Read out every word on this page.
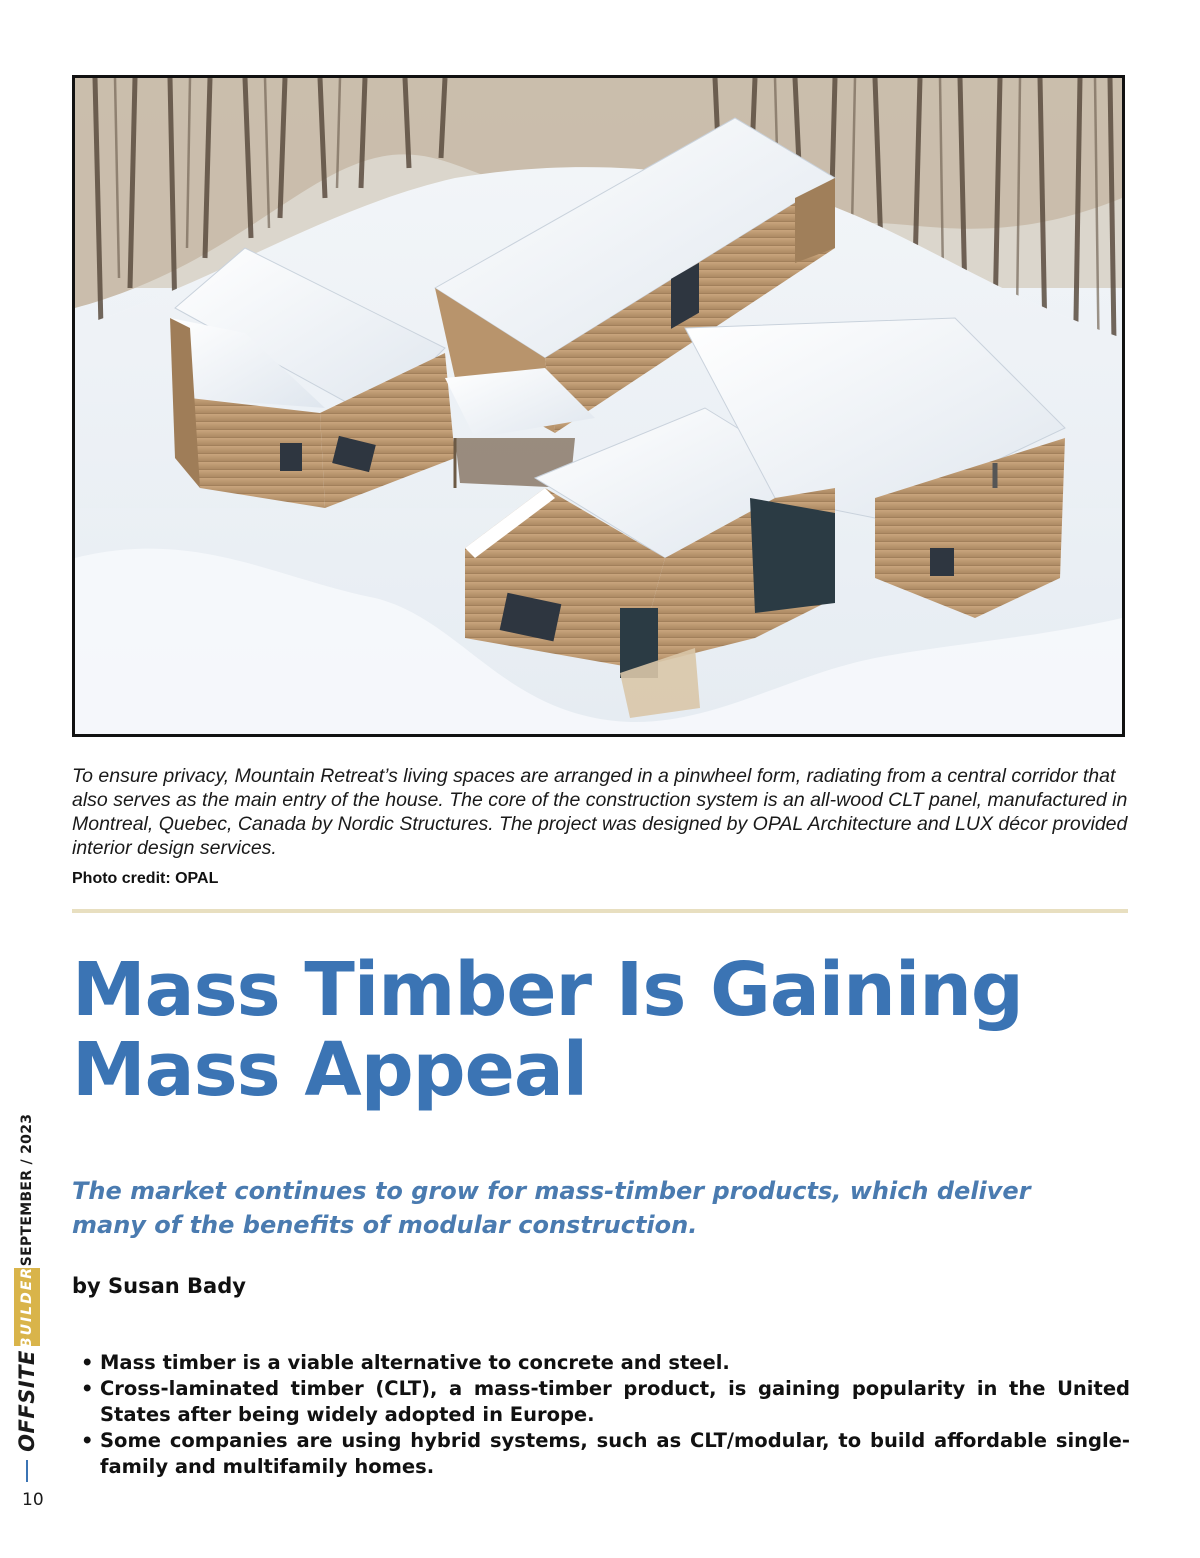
To ensure privacy, Mountain Retreat’s living spaces are arranged in a pinwheel form, radiating from a central corridor that also serves as the main entry of the house. The core of the construction system is an all-wood CLT panel, manufactured in Montreal, Quebec, Canada by Nordic Structures. The project was designed by OPAL Architecture and LUX décor provided interior design services.

Photo credit: OPAL

Mass Timber Is Gaining
Mass Appeal

The market continues to grow for mass-timber products, which deliver many of the benefits of modular construction.

by Susan Bady

• Mass timber is a viable alternative to concrete and steel.
• Cross-laminated timber (CLT), a mass-timber product, is gaining popularity in the United States after being widely adopted in Europe.
• Some companies are using hybrid systems, such as CLT/modular, to build affordable single-family and multifamily homes.
SEPTEMBER / 2023
BUILDER
OFFSITE

10
